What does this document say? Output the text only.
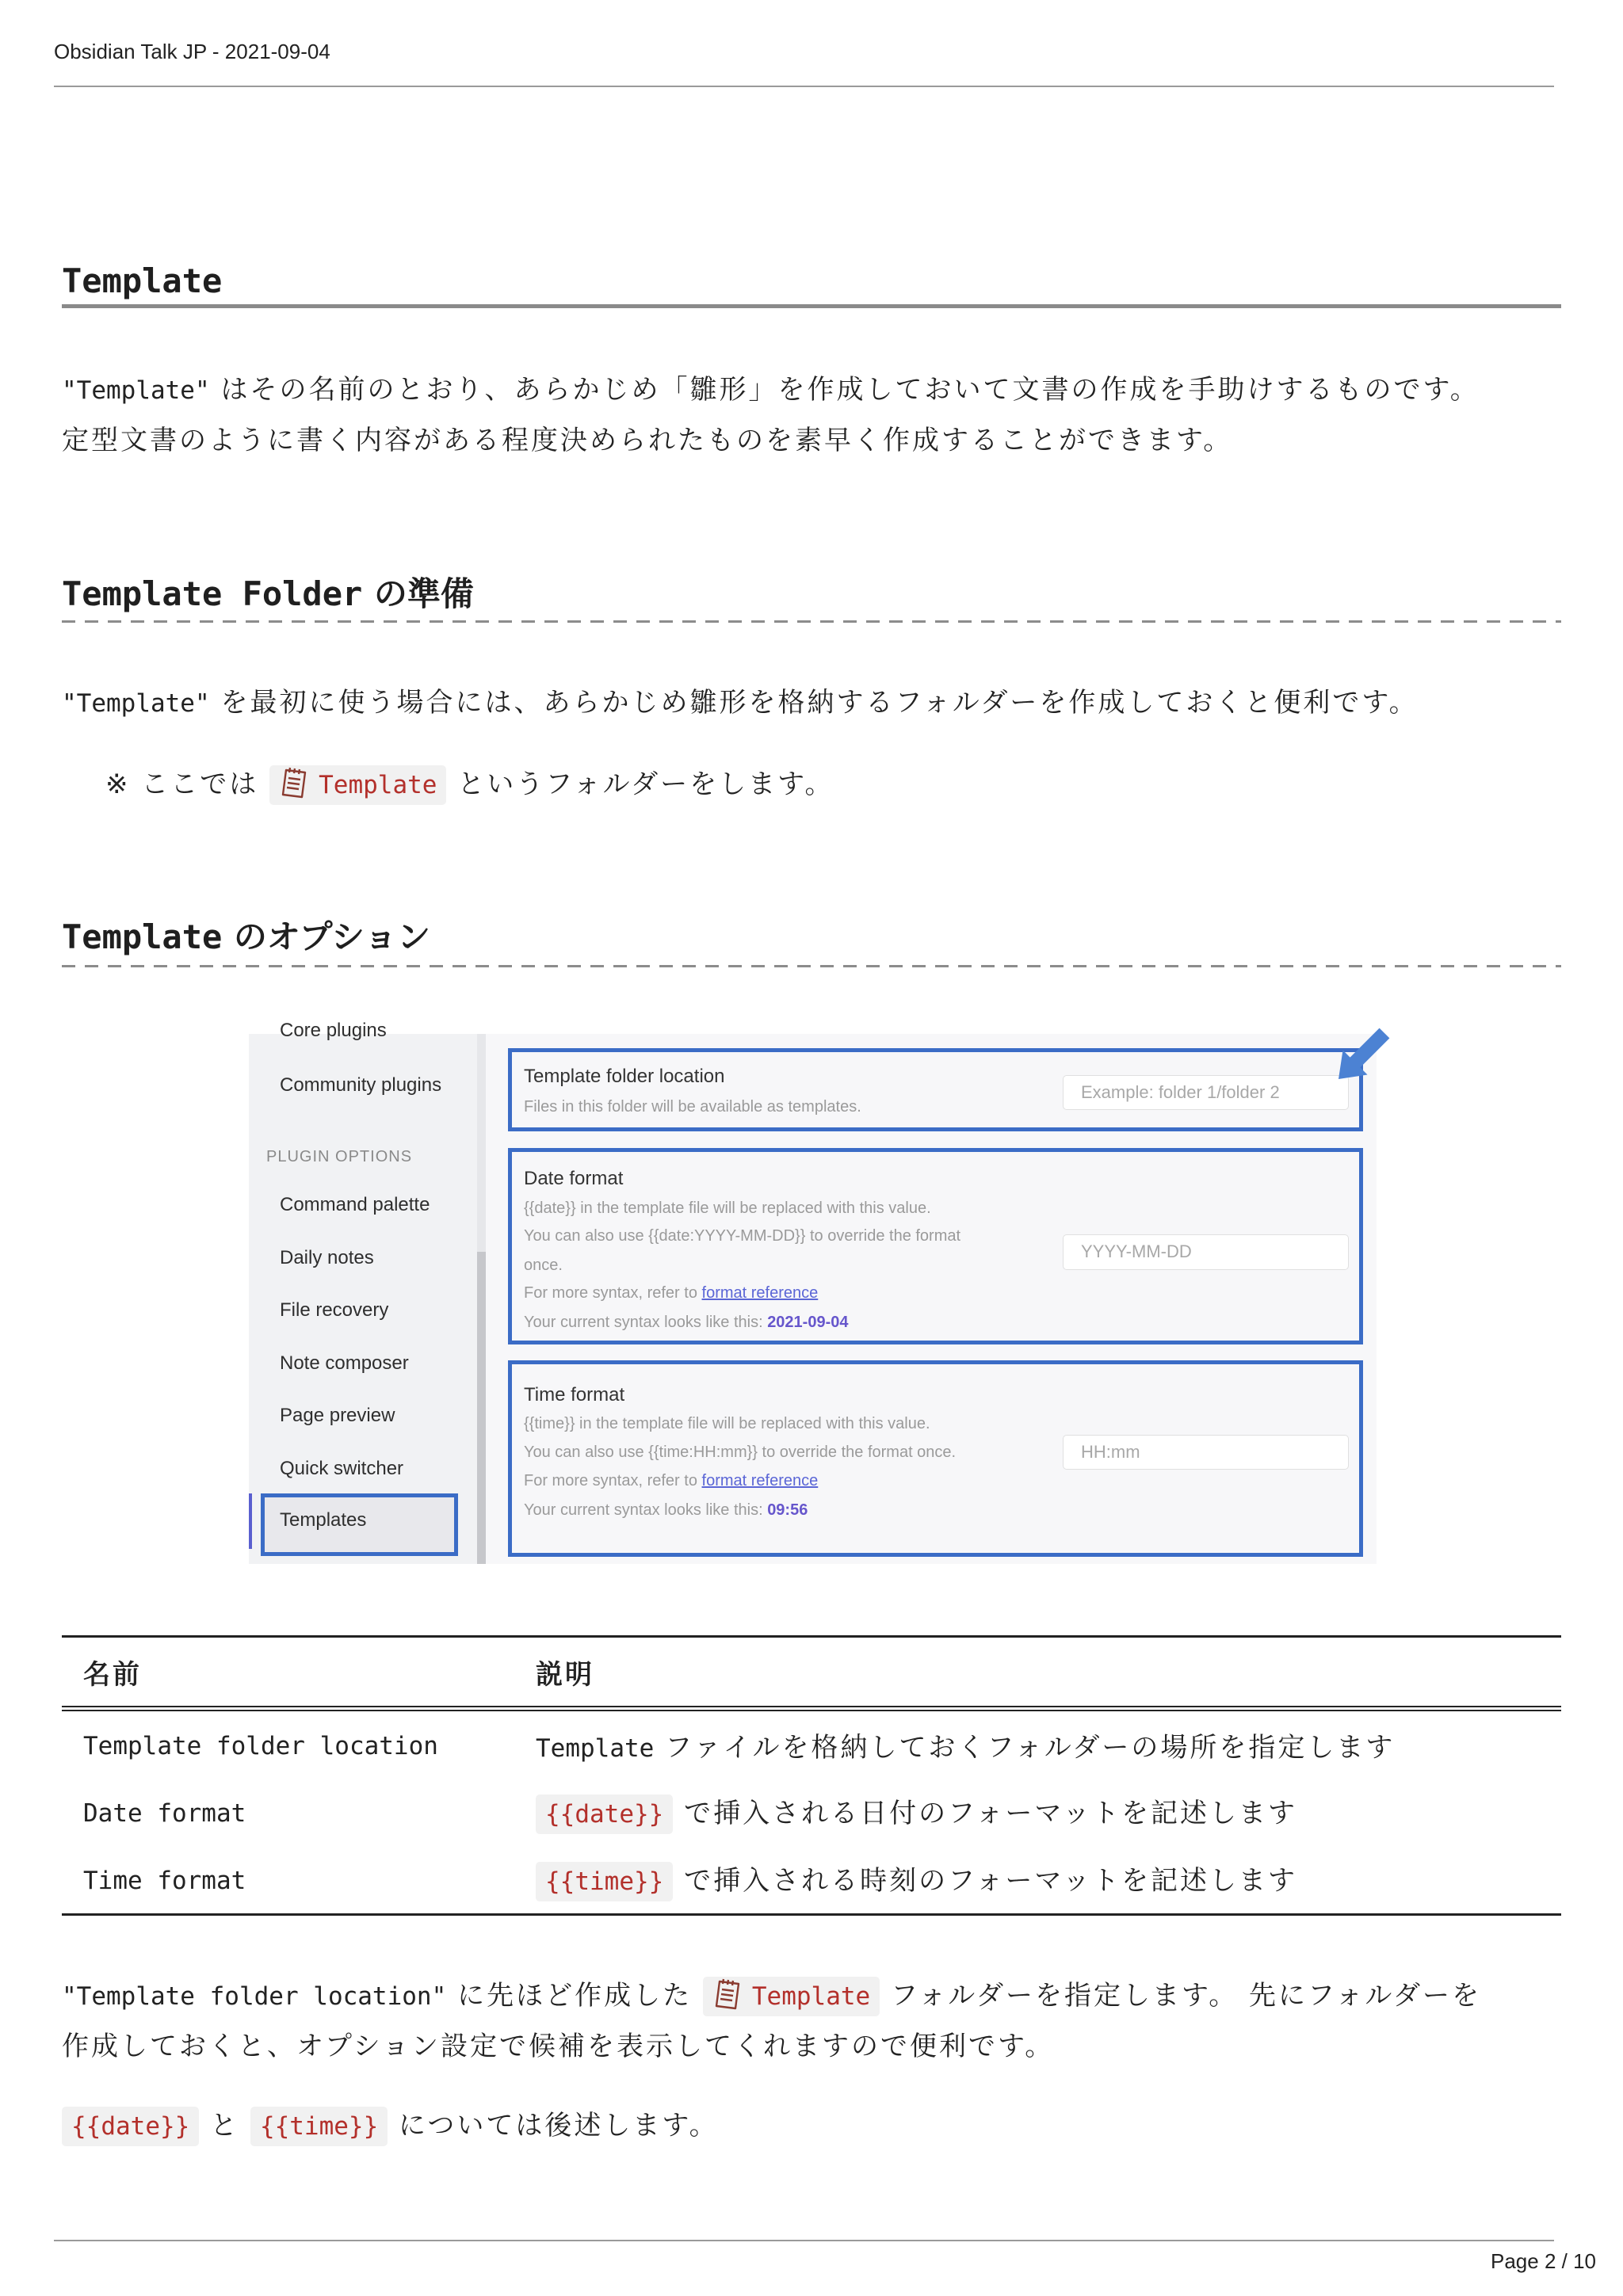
Obsidian Talk JP - 2021-09-04
Template

"Template" はその名前のとおり、あらかじめ「雛形」を作成しておいて文書の作成を手助けするものです。
定型文書のように書く内容がある程度決められたものを素早く作成することができます。

Template Folder の準備

"Template" を最初に使う場合には、あらかじめ雛形を格納するフォルダーを作成しておくと便利です。

※ ここでは Template というフォルダーをします。

Template のオプション
Core plugins
Community plugins
PLUGIN OPTIONS
Command palette
Daily notes
File recovery
Note composer
Page preview
Quick switcher
Templates
Template folder location
Files in this folder will be available as templates.
Example: folder 1/folder 2
Date format
{{date}} in the template file will be replaced with this value.
You can also use {{date:YYYY-MM-DD}} to override the format
once.
For more syntax, refer to format reference
Your current syntax looks like this: 2021-09-04
YYYY-MM-DD
Time format
{{time}} in the template file will be replaced with this value.
You can also use {{time:HH:mm}} to override the format once.
For more syntax, refer to format reference
Your current syntax looks like this: 09:56
HH:mm
名前	説明
Template folder location	Template ファイルを格納しておくフォルダーの場所を指定します
Date format	{{date}} で挿入される日付のフォーマットを記述します
Time format	{{time}} で挿入される時刻のフォーマットを記述します

"Template folder location" に先ほど作成した Template フォルダーを指定します。 先にフォルダーを
作成しておくと、オプション設定で候補を表示してくれますので便利です。

{{date}} と {{time}} については後述します。

Page 2 / 10
